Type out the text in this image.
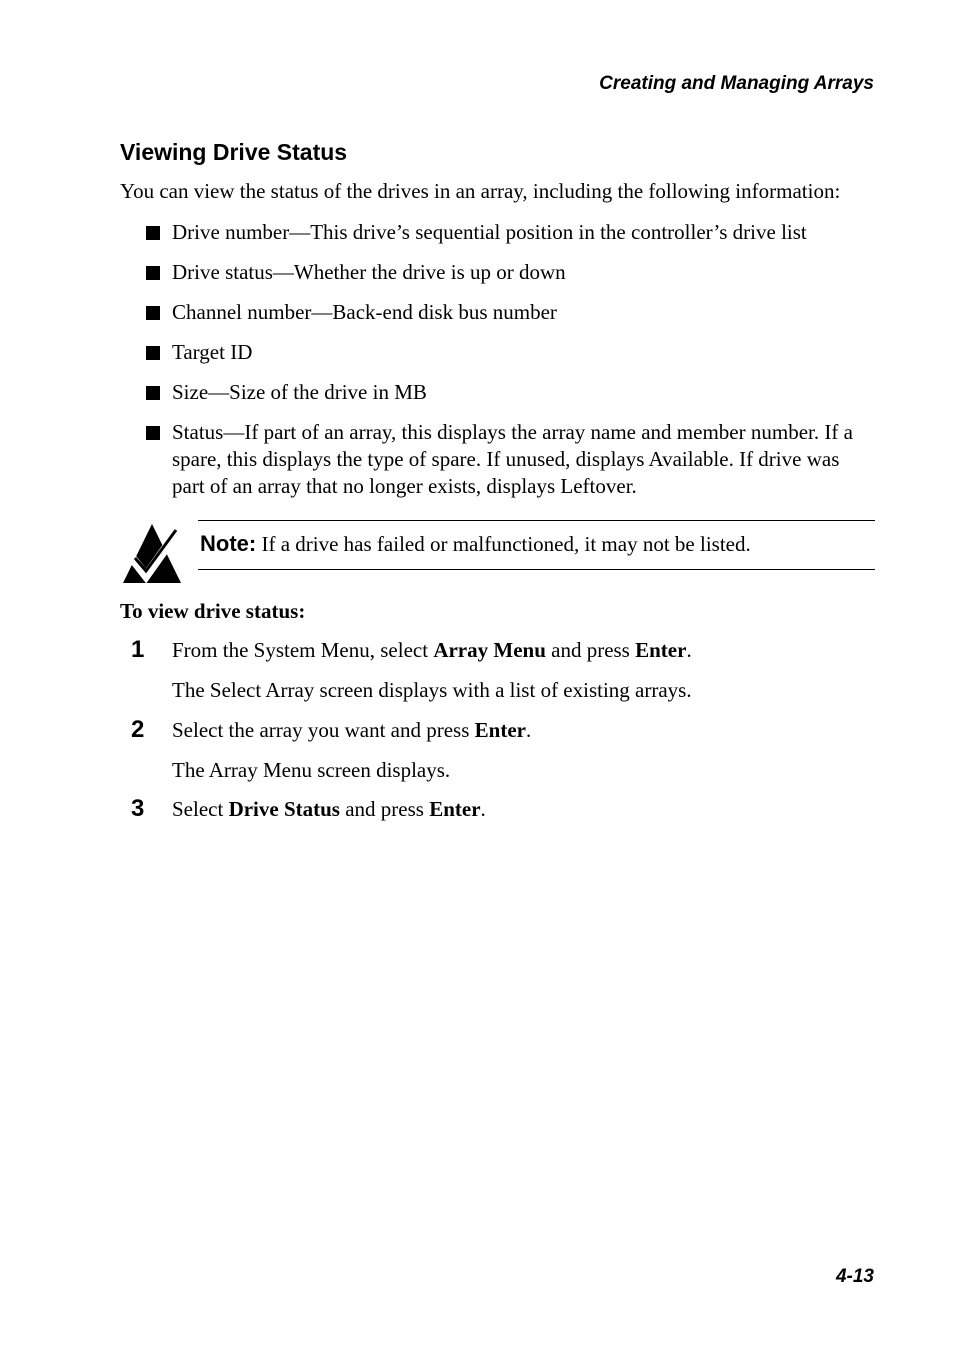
Creating and Managing Arrays
Viewing Drive Status

You can view the status of the drives in an array, including the following information:

Drive number—This drive’s sequential position in the controller’s drive list
Drive status—Whether the drive is up or down
Channel number—Back-end disk bus number
Target ID
Size—Size of the drive in MB
Status—If part of an array, this displays the array name and member number. If a spare, this displays the type of spare. If unused, displays Available. If drive was part of an array that no longer exists, displays Leftover.
Note: If a drive has failed or malfunctioned, it may not be listed.
To view drive status:
1 From the System Menu, select Array Menu and press Enter.
The Select Array screen displays with a list of existing arrays.
2 Select the array you want and press Enter.
The Array Menu screen displays.
3 Select Drive Status and press Enter.
4-13
